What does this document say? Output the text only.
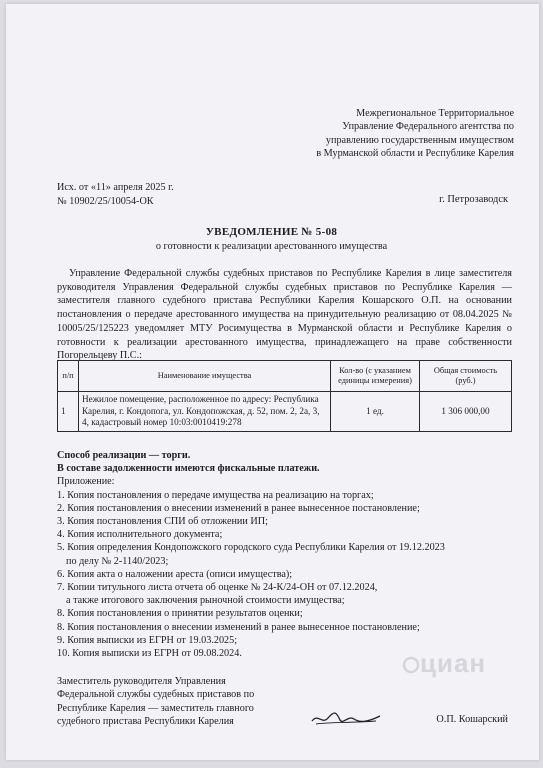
Межрегиональное Территориальное
Управление Федерального агентства по
управлению государственным имуществом
в Мурманской области и Республике Карелия
Исх. от «11» апреля 2025 г.
№ 10902/25/10054-ОК	г. Петрозаводск
УВЕДОМЛЕНИЕ № 5-08
о готовности к реализации арестованного имущества
Управление Федеральной службы судебных приставов по Республике Карелия в лице заместителя руководителя Управления Федеральной службы судебных приставов по Республике Карелия — заместителя главного судебного пристава Республики Карелия Кошарского О.П. на основании постановления о передаче арестованного имущества на принудительную реализацию от 08.04.2025 № 10005/25/125223 уведомляет МТУ Росимущества в Мурманской области и Республике Карелия о готовности к реализации арестованного имущества, принадлежащего на праве собственности Погорельцеву П.С.:
п/п	Наименование имущества	Кол-во (с указанием единицы измерения)	Общая стоимость (руб.)
1	Нежилое помещение, расположенное по адресу: Республика Карелия, г. Кондопога, ул. Кондопожская, д. 52, пом. 2, 2а, 3, 4, кадастровый номер 10:03:0010419:278	1 ед.	1 306 000,00
Способ реализации — торги.
В составе задолженности имеются фискальные платежи.
Приложение:
1. Копия постановления о передаче имущества на реализацию на торгах;
2. Копия постановления о внесении изменений в ранее вынесенное постановление;
3. Копия постановления СПИ об отложении ИП;
4. Копия исполнительного документа;
5. Копия определения Кондопожского городского суда Республики Карелия от 19.12.2023
по делу № 2-1140/2023;
6. Копия акта о наложении ареста (описи имущества);
7. Копии титульного листа отчета об оценке № 24-К/24-ОН от 07.12.2024,
а также итогового заключения рыночной стоимости имущества;
8. Копия постановления о принятии результатов оценки;
8. Копия постановления о внесении изменений в ранее вынесенное постановление;
9. Копия выписки из ЕГРН от 19.03.2025;
10. Копия выписки из ЕГРН от 09.08.2024.	циан
Заместитель руководителя Управления
Федеральной службы судебных приставов по
Республике Карелия — заместитель главного
судебного пристава Республики Карелия	О.П. Кошарский
